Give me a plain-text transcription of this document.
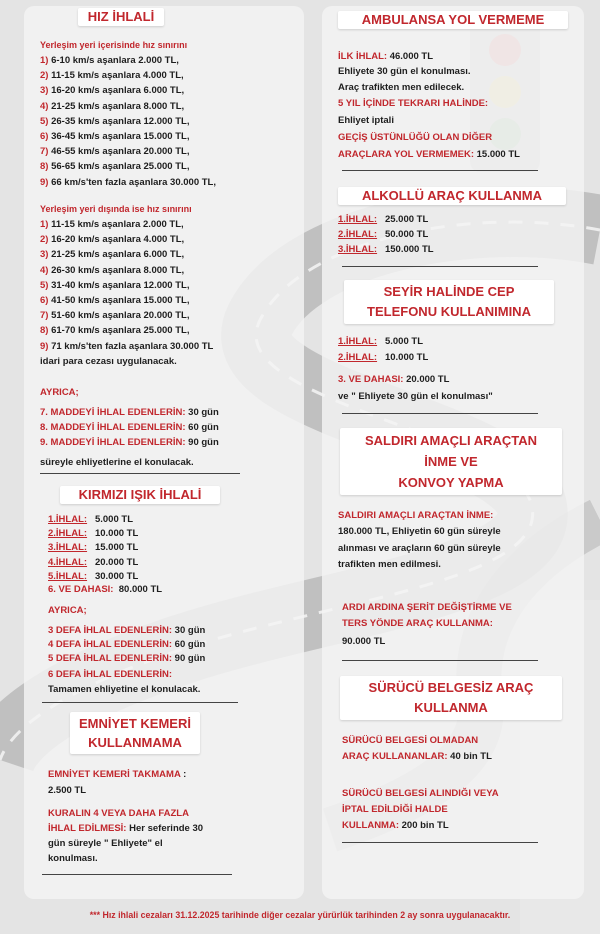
HIZ İHLALİ
Yerleşim yeri içerisinde hız sınırını
1) 6-10 km/s aşanlara 2.000 TL,
2) 11-15 km/s aşanlara 4.000 TL,
3) 16-20 km/s aşanlara 6.000 TL,
4) 21-25 km/s aşanlara 8.000 TL,
5) 26-35 km/s aşanlara 12.000 TL,
6) 36-45 km/s aşanlara 15.000 TL,
7) 46-55 km/s aşanlara 20.000 TL,
8) 56-65 km/s aşanlara 25.000 TL,
9) 66 km/s'ten fazla aşanlara 30.000 TL,
Yerleşim yeri dışında ise hız sınırını
1) 11-15 km/s aşanlara 2.000 TL,
2) 16-20 km/s aşanlara 4.000 TL,
3) 21-25 km/s aşanlara 6.000 TL,
4) 26-30 km/s aşanlara 8.000 TL,
5) 31-40 km/s aşanlara 12.000 TL,
6) 41-50 km/s aşanlara 15.000 TL,
7) 51-60 km/s aşanlara 20.000 TL,
8) 61-70 km/s aşanlara 25.000 TL,
9) 71 km/s'ten fazla aşanlara 30.000 TL
idari para cezası uygulanacak.
AYRICA;
7. MADDEYİ İHLAL EDENLERİN: 30 gün
8. MADDEYİ İHLAL EDENLERİN: 60 gün
9. MADDEYİ İHLAL EDENLERİN: 90 gün
süreyle ehliyetlerine el konulacak.
KIRMIZI IŞIK İHLALİ
1.İHLAL:   5.000 TL
2.İHLAL:   10.000 TL
3.İHLAL:   15.000 TL
4.İHLAL:   20.000 TL
5.İHLAL:   30.000 TL
6. VE DAHASI: 80.000 TL
AYRICA;
3 DEFA İHLAL EDENLERİN: 30 gün
4 DEFA İHLAL EDENLERİN: 60 gün
5 DEFA İHLAL EDENLERİN: 90 gün
6 DEFA İHLAL EDENLERİN:
Tamamen ehliyetine el konulacak.
EMNİYET KEMERİ
KULLANMAMA
EMNİYET KEMERİ TAKMAMA :
2.500 TL
KURALIN 4 VEYA DAHA FAZLA
İHLAL EDİLMESİ: Her seferinde 30
gün süreyle " Ehliyete" el
konulması.
AMBULANSA YOL VERMEME
İLK İHLAL: 46.000 TL
Ehliyete 30 gün el konulması.
Araç trafikten men edilecek.
5 YIL İÇİNDE TEKRARI HALİNDE:
Ehliyet iptali
GEÇİŞ ÜSTÜNLÜĞÜ OLAN DİĞER
ARAÇLARA YOL VERMEMEK: 15.000 TL
ALKOLLÜ ARAÇ KULLANMA
1.İHLAL:   25.000 TL
2.İHLAL:   50.000 TL
3.İHLAL:   150.000 TL
SEYİR HALİNDE CEP
TELEFONU KULLANIMINA
1.İHLAL:   5.000 TL
2.İHLAL:   10.000 TL
3. VE DAHASI: 20.000 TL
ve " Ehliyete 30 gün el konulması"
SALDIRI AMAÇLI ARAÇTAN
İNME VE
KONVOY YAPMA
SALDIRI AMAÇLI ARAÇTAN İNME:
180.000 TL, Ehliyetin 60 gün süreyle
alınması ve araçların 60 gün süreyle
trafikten men edilmesi.
ARDI ARDINA ŞERİT DEĞİŞTİRME VE
TERS YÖNDE ARAÇ KULLANMA:
90.000 TL
SÜRÜCÜ BELGESİZ ARAÇ
KULLANMA
SÜRÜCÜ BELGESİ OLMADAN
ARAÇ KULLANANLAR: 40 bin TL
SÜRÜCÜ BELGESİ ALINDIĞI VEYA
İPTAL EDİLDİĞİ HALDE
KULLANMA: 200 bin TL
*** Hız ihlali cezaları 31.12.2025 tarihinde diğer cezalar yürürlük tarihinden 2 ay sonra uygulanacaktır.
